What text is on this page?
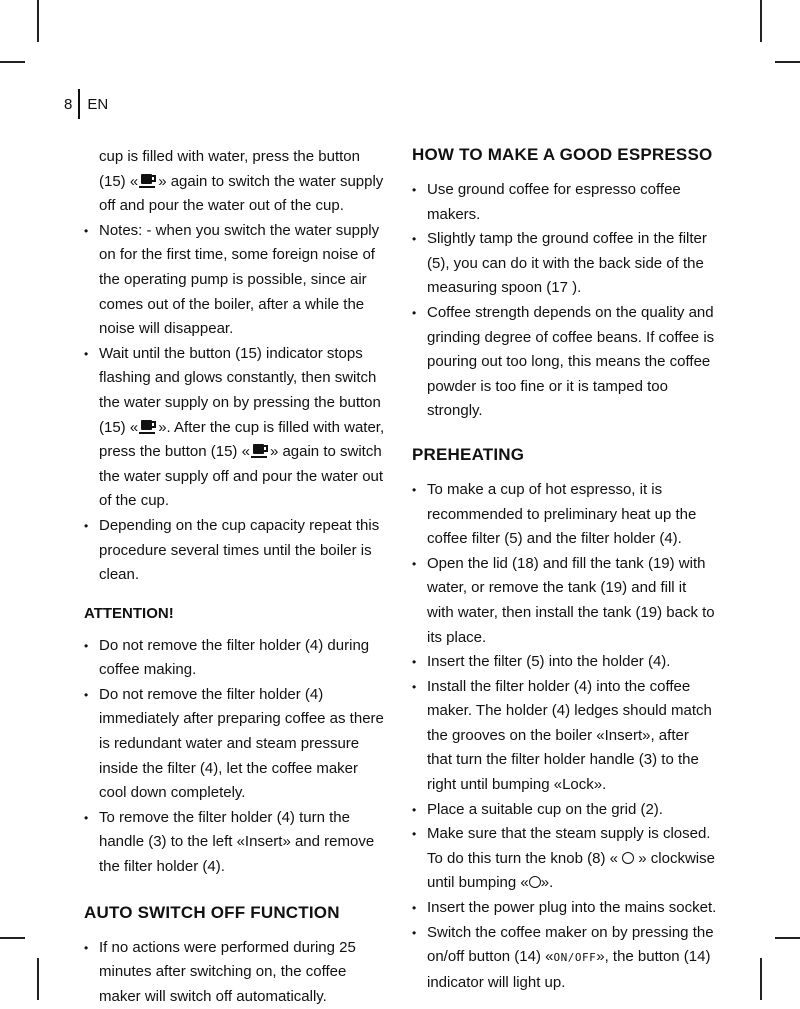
8 EN

cup is filled with water, press the button (15) « » again to switch the water supply off and pour the water out of the cup.

• Notes: - when you switch the water supply on for the first time, some foreign noise of the operating pump is possible, since air comes out of the boiler, after a while the noise will disappear.
• Wait until the button (15) indicator stops flashing and glows constantly, then switch the water supply on by pressing the button (15) « ». After the cup is filled with water, press the button (15) « » again to switch the water supply off and pour the water out of the cup.
• Depending on the cup capacity repeat this procedure several times until the boiler is clean.
ATTENTION!
• Do not remove the filter holder (4) during coffee making.
• Do not remove the filter holder (4) immediately after preparing coffee as there is redundant water and steam pressure inside the filter (4), let the coffee maker cool down completely.
• To remove the filter holder (4) turn the handle (3) to the left «Insert» and remove the filter holder (4).
AUTO SWITCH OFF FUNCTION
• If no actions were performed during 25 minutes after switching on, the coffee maker will switch off automatically.
HOW TO MAKE A GOOD ESPRESSO
• Use ground coffee for espresso coffee makers.
• Slightly tamp the ground coffee in the filter (5), you can do it with the back side of the measuring spoon (17 ).
• Coffee strength depends on the quality and grinding degree of coffee beans. If coffee is pouring out too long, this means the coffee powder is too fine or it is tamped too strongly.
PREHEATING
• To make a cup of hot espresso, it is recommended to preliminary heat up the coffee filter (5) and the filter holder (4).
• Open the lid (18) and fill the tank (19) with water, or remove the tank (19) and fill it with water, then install the tank (19) back to its place.
• Insert the filter (5) into the holder (4).
• Install the filter holder (4) into the coffee maker. The holder (4) ledges should match the grooves on the boiler «Insert», after that turn the filter holder handle (3) to the right until bumping «Lock».
• Place a suitable cup on the grid (2).
• Make sure that the steam supply is closed. To do this turn the knob (8) «  » clockwise until bumping « ».
• Insert the power plug into the mains socket.
• Switch the coffee maker on by pressing the on/off button (14) «ON/OFF», the button (14) indicator will light up.
